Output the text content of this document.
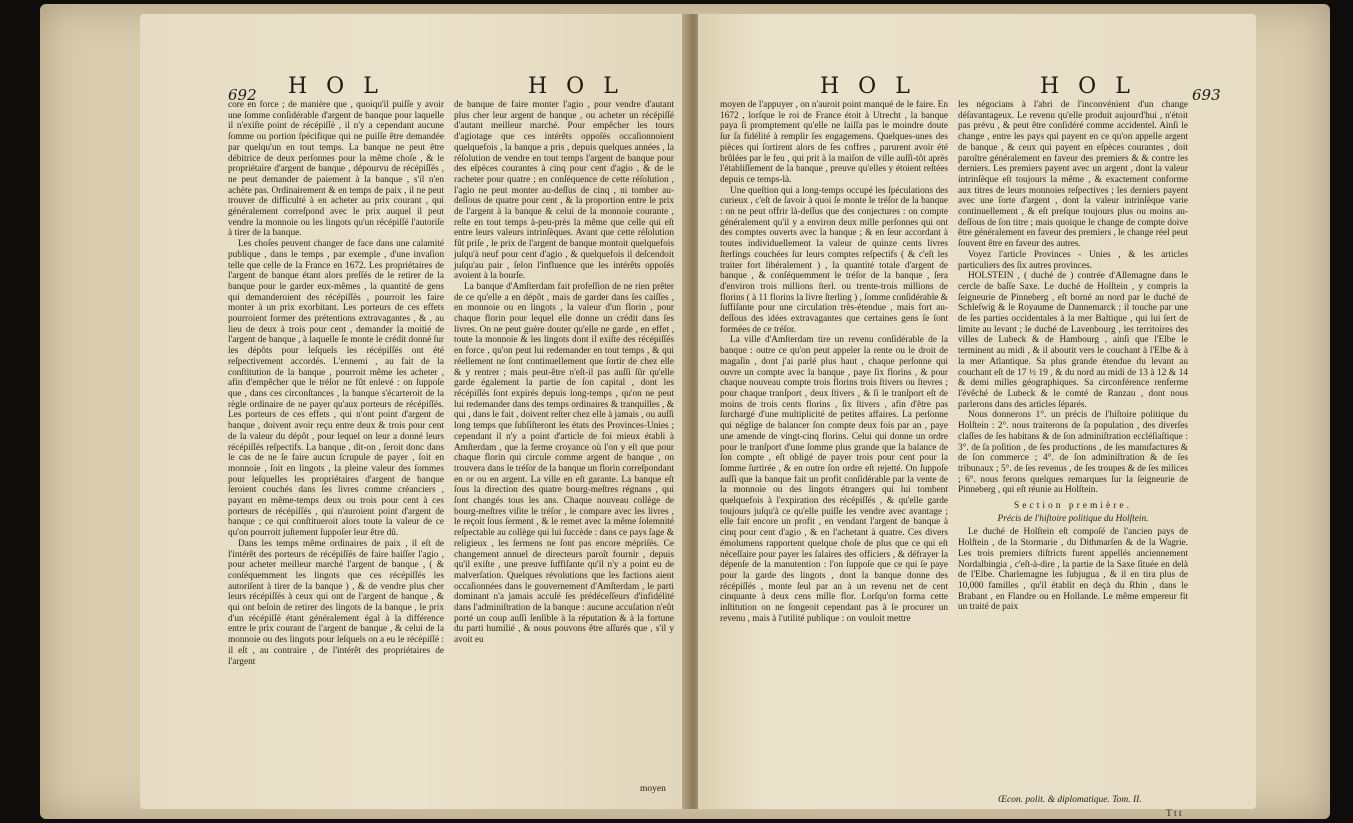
692 H O L	H O L

core en force ; de manière que , quoiqu'il puiſſe y avoir une ſomme conſidérable d'argent de banque pour laquelle il n'exiſte point de récépiſſé , il n'y a cependant aucune ſomme ou portion ſpécifique qui ne puiſſe être demandée par quelqu'un en tout temps. La banque ne peut être débitrice de deux perſonnes pour la même choſe , & le propriétaire d'argent de banque , dépourvu de récépiſſés , ne peut demander de paiement à la banque , s'il n'en achète pas. Ordinairement & en temps de paix , il ne peut trouver de difficulté à en acheter au prix courant , qui généralement correſpond avec le prix auquel il peut vendre la monnoie ou les lingots qu'un récépiſſé l'autoriſe à tirer de la banque.

Les choſes peuvent changer de face dans une calamité publique , dans le temps , par exemple , d'une invaſion telle que celle de la France en 1672. Les propriétaires de l'argent de banque étant alors preſſés de le retirer de la banque pour le garder eux-mêmes , la quantité de gens qui demanderoient des récépiſſés , pourroit les faire monter à un prix exorbitant. Les porteurs de ces effets pourroient former des prétentions extravagantes , & , au lieu de deux à trois pour cent , demander la moitié de l'argent de banque , à laquelle ſe monte le crédit donné ſur les dépôts pour leſquels les récépiſſés ont été reſpectivement accordés. L'ennemi , au fait de la conſtitution de la banque , pourroit même les acheter , afin d'empêcher que le tréſor ne fût enlevé : on ſuppoſe que , dans ces circonſtances , la banque s'écarteroit de la règle ordinaire de ne payer qu'aux porteurs de récépiſſés. Les porteurs de ces effets , qui n'ont point d'argent de banque , doivent avoir reçu entre deux & trois pour cent de la valeur du dépôt , pour lequel on leur a donné leurs récépiſſés reſpectifs. La banque , dit-on , ſeroit donc dans le cas de ne ſe faire aucun ſcrupule de payer , ſoit en monnoie , ſoit en lingots , la pleine valeur des ſommes pour leſquelles les propriétaires d'argent de banque ſeroient couchés dans ſes livres comme créanciers , payant en même-temps deux ou trois pour cent à ces porteurs de récépiſſés , qui n'auroient point d'argent de banque ; ce qui conſtitueroit alors toute la valeur de ce qu'on pourroit juſtement ſuppoſer leur être dû.

Dans les temps même ordinaires de paix , il eſt de l'intérêt des porteurs de récépiſſés de faire baiſſer l'agio , pour acheter meilleur marché l'argent de banque , ( & conſéquemment les lingots que ces récépiſſés les autoriſent à tirer de la banque ) , & de vendre plus cher leurs récépiſſés à ceux qui ont de l'argent de banque , & qui ont beſoin de retirer des lingots de la banque , le prix d'un récépiſſé étant généralement égal à la différence entre le prix courant de l'argent de banque , & celui de la monnoie ou des lingots pour leſquels on a eu le récépiſſé : il eſt , au contraire , de l'intérêt des propriétaires de l'argent

de banque de faire monter l'agio , pour vendre d'autant plus cher leur argent de banque , ou acheter un récépiſſé d'autant meilleur marché. Pour empêcher les tours d'agiotage que ces intérêts oppoſés occaſionnoient quelquefois , la banque a pris , depuis quelques années , la réſolution de vendre en tout temps l'argent de banque pour des eſpèces courantes à cinq pour cent d'agio , & de le racheter pour quatre ; en conſéquence de cette réſolution , l'agio ne peut monter au-deſſus de cinq , ni tomber au-deſſous de quatre pour cent , & la proportion entre le prix de l'argent à la banque & celui de la monnoie courante , reſte en tout temps à-peu-près la même que celle qui eſt entre leurs valeurs intrinſèques. Avant que cette réſolution fût priſe , le prix de l'argent de banque montoit quelquefois juſqu'à neuf pour cent d'agio , & quelquefois il deſcendoit juſqu'au pair , ſelon l'influence que les intérêts oppoſés avoient à la bourſe.

La banque d'Amſterdam fait profeſſion de ne rien prêter de ce qu'elle a en dépôt , mais de garder dans ſes caiſſes , en monnoie ou en lingots , la valeur d'un florin , pour chaque florin pour lequel elle donne un crédit dans ſes livres. On ne peut guère douter qu'elle ne garde , en effet , toute la monnoie & les lingots dont il exiſte des récépiſſés en force , qu'on peut lui redemander en tout temps , & qui réellement ne ſont continuellement que ſortir de chez elle & y rentrer ; mais peut-être n'eſt-il pas auſſi ſûr qu'elle garde également la partie de ſon capital , dont les récépiſſés ſont expirés depuis long-temps , qu'on ne peut lui redemander dans des temps ordinaires & tranquilles , & qui , dans le fait , doivent reſter chez elle à jamais , ou auſſi long temps que ſubſiſteront les états des Provinces-Unies ; cependant il n'y a point d'article de foi mieux établi à Amſterdam , que la ferme croyance où l'on y eſt que pour chaque florin qui circule comme argent de banque , on trouvera dans le tréſor de la banque un florin correſpondant en or ou en argent. La ville en eſt garante. La banque eſt ſous la direction des quatre bourg-meſtres régnans , qui ſont changés tous les ans. Chaque nouveau collège de bourg-meſtres viſite le tréſor , le compare avec les livres , le reçoit ſous ſerment , & le remet avec la même ſolemnité reſpectable au collège qui lui ſuccède : dans ce pays ſage & religieux , les ſermens ne ſont pas encore mépriſés. Ce changement annuel de directeurs paroît fournir , depuis qu'il exiſte , une preuve ſuffiſante qu'il n'y a point eu de malverſation. Quelques révolutions que les factions aient occaſionnées dans le gouvernement d'Amſterdam , le parti dominant n'a jamais accuſé ſes prédéceſſeurs d'infidélité dans l'adminiſtration de la banque : aucune accuſation n'eût porté un coup auſſi ſenſible à la réputation & à la fortune du parti humilié , & nous pouvons être aſſurés que , s'il y avoit eu

moyen
H O L	H O L	693

moyen de l'appuyer , on n'auroit point manqué de le faire. En 1672 , lorſque le roi de France étoit à Utrecht , la banque paya ſi promptement qu'elle ne laiſſa pas le moindre doute ſur ſa fidélité à remplir ſes engagemens. Quelques-unes des pièces qui ſortirent alors de ſes coffres , parurent avoir été brûlées par le feu , qui prit à la maiſon de ville auſſi-tôt après l'établiſſement de la banque , preuve qu'elles y étoient reſtées depuis ce temps-là.

Une queſtion qui a long-temps occupé les ſpéculations des curieux , c'eſt de ſavoir à quoi ſe monte le tréſor de la banque : on ne peut offrir là-deſſus que des conjectures : on compte généralement qu'il y a environ deux mille perſonnes qui ont des comptes ouverts avec la banque ; & en ſeur accordant à toutes individuellement la valeur de quinze cents livres ſterlings couchées ſur leurs comptes reſpectifs ( & c'eſt les traiter fort libéralement ) , la quantité totale d'argent de banque , & conſéquemment le tréſor de la banque , ſera d'environ trois millions ſterl. ou trente-trois millions de florins ( à 11 florins la livre ſterling ) , ſomme conſidérable & ſuffiſante pour une circulation très-étendue , mais fort au-deſſous des idées extravagantes que certaines gens ſe ſont formées de ce tréſor.

La ville d'Amſterdam tire un revenu conſidérable de la banque : outre ce qu'on peut appeler la rente ou le droit de magaſin , dont j'ai parlé plus haut , chaque perſonne qui ouvre un compte avec la banque , paye ſix florins , & pour chaque nouveau compte trois florins trois ſtivers ou ſtevres ; pour chaque tranſport , deux ſtivers , & ſi le tranſport eſt de moins de trois cents florins , ſix ſtivers , afin d'être pas ſurchargé d'une multiplicité de petites affaires. La perſonne qui néglige de balancer ſon compte deux fois par an , paye une amende de vingt-cinq florins. Celui qui donne un ordre pour le tranſport d'une ſomme plus grande que la balance de ſon compte , eſt obligé de payer trois pour cent pour la ſomme ſurtirée , & en outre ſon ordre eſt rejetté. On ſuppoſe auſſi que la banque fait un profit conſidérable par la vente de la monnoie ou des lingots étrangers qui lui tombent quelquefois à l'expiration des récépiſſés , & qu'elle garde toujours juſqu'à ce qu'elle puiſſe les vendre avec avantage ; elle fait encore un profit , en vendant l'argent de banque à cinq pour cent d'agio , & en l'achetant à quatre. Ces divers émolumens rapportent quelque choſe de plus que ce qui eſt néceſſaire pour payer les ſalaires des officiers , & défrayer la dépenſe de la manutention : l'on ſuppoſe que ce qui ſe paye pour la garde des lingots , dont la banque donne des récépiſſés , monte ſeul par an à un revenu net de cent cinquante à deux cens mille flor. Lorſqu'on forma cette inſtitution on ne ſongeoit cependant pas à ſe procurer un revenu , mais à l'utilité publique : on vouloit mettre

les négocians à l'abri de l'inconvénient d'un change déſavantageux. Le revenu qu'elle produit aujourd'hui , n'étoit pas prévu , & peut être conſidéré comme accidentel. Ainſi le change , entre les pays qui payent en ce qu'on appelle argent de banque , & ceux qui payent en eſpèces courantes , doit paroître généralement en faveur des premiers & & contre les derniers. Les premiers payent avec un argent , dont la valeur intrinſèque eſt toujours la même , & exactement conforme aux titres de leurs monnoies reſpectives ; les derniers payent avec une ſorte d'argent , dont la valeur intrinſèque varie continuellement , & eſt preſque toujours plus ou moins au-deſſous de ſon titre ; mais quoique le change de compte doive être généralement en faveur des premiers , le change réel peut ſouvent être en faveur des autres.

Voyez l'article Provinces - Unies , & les articles particuliers des ſix autres provinces.

HOLSTEIN , ( duché de ) contrée d'Allemagne dans le cercle de baſſe Saxe. Le duché de Holſtein , y compris la ſeigneurie de Pinneberg , eſt borné au nord par le duché de Schleſwig & le Royaume de Dannemarck ; il touche par une de ſes parties occidentales à la mer Baltique , qui lui ſert de limite au levant ; le duché de Lavenbourg , les territoires des villes de Lubeck & de Hambourg , ainſi que l'Elbe le terminent au midi , & il aboutit vers le couchant à l'Elbe & à la mer Atlantique. Sa plus grande étendue du levant au couchant eſt de 17 ½ 19 , & du nord au midi de 13 à 12 & 14 & demi milles géographiques. Sa circonférence renferme l'évêché de Lubeck & le comté de Ranzau , dont nous parlerons dans des articles ſéparés.

Nous donnerons 1°. un précis de l'hiſtoire politique du Holſtein : 2°. nous traiterons de ſa population , des diverſes claſſes de ſes habitans & de ſon adminiſtration eccléſiaſtique : 3°. de ſa poſition , de ſes productions , de ſes manufactures & de ſon commerce ; 4°. de ſon adminiſtration & de ſes tribunaux ; 5°. de ſes revenus , de ſes troupes & de ſes milices ; 6°. nous ferons quelques remarques ſur la ſeigneurie de Pinneberg , qui eſt réunie au Holſtein.

Section première.
Précis de l'hiſtoire politique du Holſtein.

Le duché de Holſtein eſt compoſé de l'ancien pays de Holſtein , de la Stormarie , du Dithmarſen & de la Wagrie. Les trois premiers diſtricts furent appellés anciennement Nordalbingia , c'eſt-à-dire , la partie de la Saxe ſituée en delà de l'Elbe. Charlemagne les ſubjugua , & il en tira plus de 10,000 familles , qu'il établit en deçà du Rhin , dans le Brabant , en Flandre ou en Hollande. Le même empereur fit un traité de paix

Œcon. polit. & diplomatique. Tom. II.
T t t
